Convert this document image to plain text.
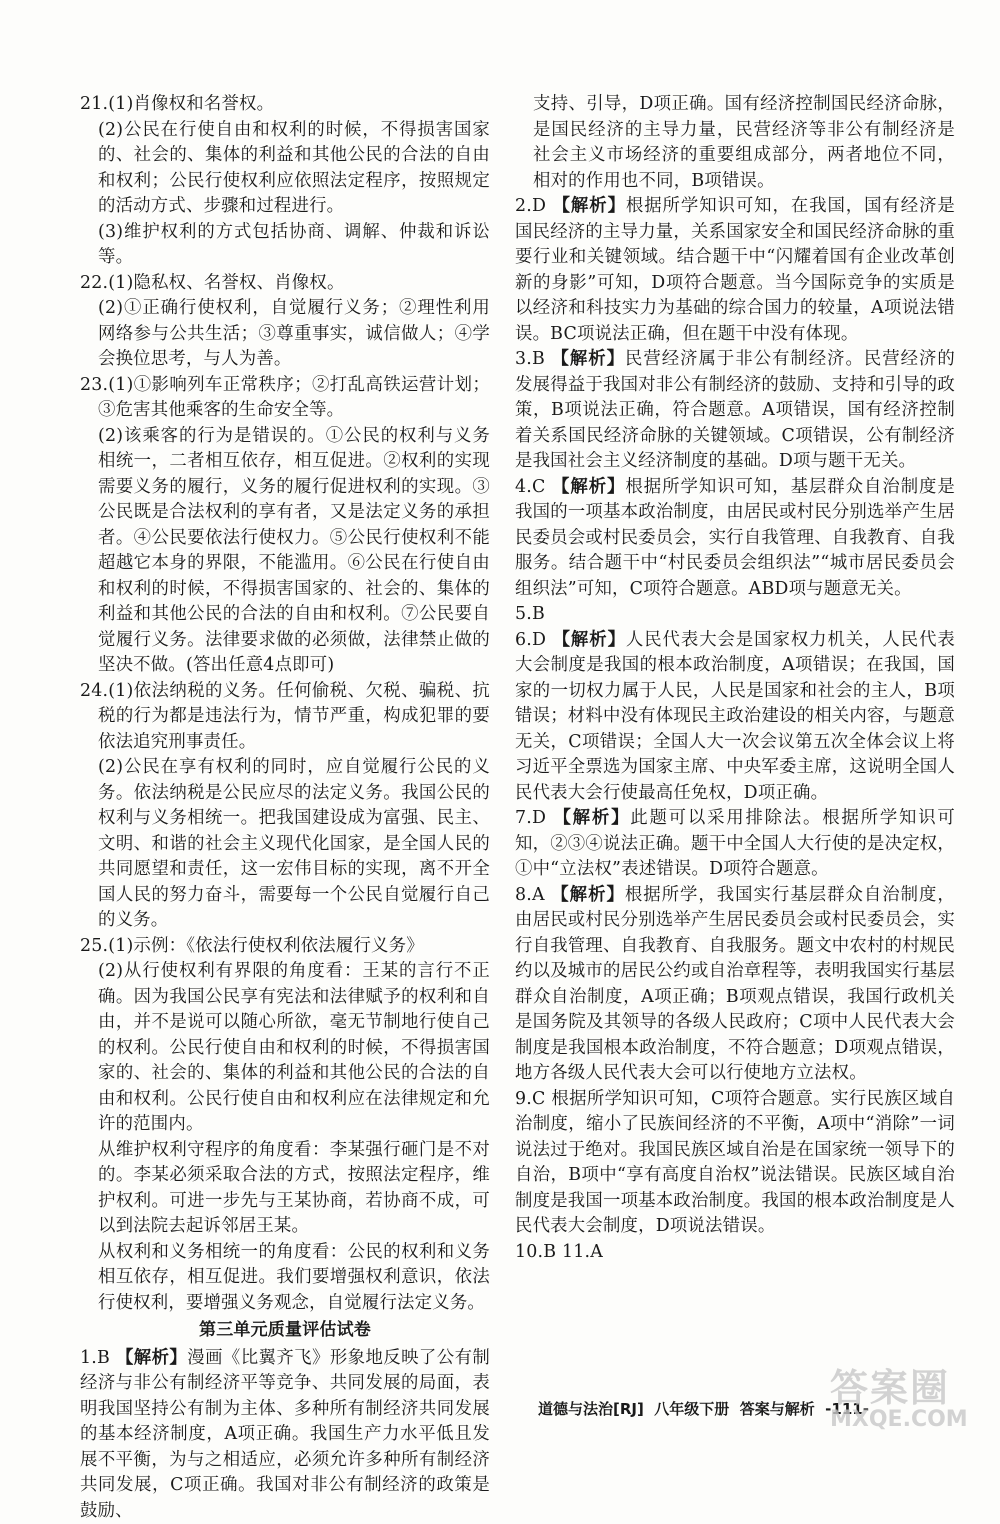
21.(1)肖像权和名誉权。

(2)公民在行使自由和权利的时候，不得损害国家的、社会的、集体的利益和其他公民的合法的自由和权利；公民行使权利应依照法定程序，按照规定的活动方式、步骤和过程进行。

(3)维护权利的方式包括协商、调解、仲裁和诉讼等。

22.(1)隐私权、名誉权、肖像权。

(2)①正确行使权利，自觉履行义务；②理性利用网络参与公共生活；③尊重事实，诚信做人；④学会换位思考，与人为善。

23.(1)①影响列车正常秩序；②打乱高铁运营计划；③危害其他乘客的生命安全等。

(2)该乘客的行为是错误的。①公民的权利与义务相统一，二者相互依存，相互促进。②权利的实现需要义务的履行，义务的履行促进权利的实现。③公民既是合法权利的享有者，又是法定义务的承担者。④公民要依法行使权力。⑤公民行使权利不能超越它本身的界限，不能滥用。⑥公民在行使自由和权利的时候，不得损害国家的、社会的、集体的利益和其他公民的合法的自由和权利。⑦公民要自觉履行义务。法律要求做的必须做，法律禁止做的坚决不做。(答出任意4点即可)

24.(1)依法纳税的义务。任何偷税、欠税、骗税、抗税的行为都是违法行为，情节严重，构成犯罪的要依法追究刑事责任。

(2)公民在享有权利的同时，应自觉履行公民的义务。依法纳税是公民应尽的法定义务。我国公民的权利与义务相统一。把我国建设成为富强、民主、文明、和谐的社会主义现代化国家，是全国人民的共同愿望和责任，这一宏伟目标的实现，离不开全国人民的努力奋斗，需要每一个公民自觉履行自己的义务。

25.(1)示例：《依法行使权利依法履行义务》

(2)从行使权利有界限的角度看：王某的言行不正确。因为我国公民享有宪法和法律赋予的权利和自由，并不是说可以随心所欲，毫无节制地行使自己的权利。公民行使自由和权利的时候，不得损害国家的、社会的、集体的利益和其他公民的合法的自由和权利。公民行使自由和权利应在法律规定和允许的范围内。

从维护权利守程序的角度看：李某强行砸门是不对的。李某必须采取合法的方式，按照法定程序，维护权利。可进一步先与王某协商，若协商不成，可以到法院去起诉邻居王某。

从权利和义务相统一的角度看：公民的权利和义务相互依存，相互促进。我们要增强权利意识，依法行使权利，要增强义务观念，自觉履行法定义务。

第三单元质量评估试卷

1.B 【解析】漫画《比翼齐飞》形象地反映了公有制经济与非公有制经济平等竞争、共同发展的局面，表明我国坚持公有制为主体、多种所有制经济共同发展的基本经济制度，A项正确。我国生产力水平低且发展不平衡，为与之相适应，必须允许多种所有制经济共同发展，C项正确。我国对非公有制经济的政策是鼓励、

支持、引导，D项正确。国有经济控制国民经济命脉，是国民经济的主导力量，民营经济等非公有制经济是社会主义市场经济的重要组成部分，两者地位不同，相对的作用也不同，B项错误。

2.D 【解析】根据所学知识可知，在我国，国有经济是国民经济的主导力量，关系国家安全和国民经济命脉的重要行业和关键领域。结合题干中“闪耀着国有企业改革创新的身影”可知，D项符合题意。当今国际竞争的实质是以经济和科技实力为基础的综合国力的较量，A项说法错误。BC项说法正确，但在题干中没有体现。

3.B 【解析】民营经济属于非公有制经济。民营经济的发展得益于我国对非公有制经济的鼓励、支持和引导的政策，B项说法正确，符合题意。A项错误，国有经济控制着关系国民经济命脉的关键领域。C项错误，公有制经济是我国社会主义经济制度的基础。D项与题干无关。

4.C 【解析】根据所学知识可知，基层群众自治制度是我国的一项基本政治制度，由居民或村民分别选举产生居民委员会或村民委员会，实行自我管理、自我教育、自我服务。结合题干中“村民委员会组织法”“城市居民委员会组织法”可知，C项符合题意。ABD项与题意无关。

5.B

6.D 【解析】人民代表大会是国家权力机关，人民代表大会制度是我国的根本政治制度，A项错误；在我国，国家的一切权力属于人民，人民是国家和社会的主人，B项错误；材料中没有体现民主政治建设的相关内容，与题意无关，C项错误；全国人大一次会议第五次全体会议上将习近平全票选为国家主席、中央军委主席，这说明全国人民代表大会行使最高任免权，D项正确。

7.D 【解析】此题可以采用排除法。根据所学知识可知，②③④说法正确。题干中全国人大行使的是决定权，①中“立法权”表述错误。D项符合题意。

8.A 【解析】根据所学，我国实行基层群众自治制度，由居民或村民分别选举产生居民委员会或村民委员会，实行自我管理、自我教育、自我服务。题文中农村的村规民约以及城市的居民公约或自治章程等，表明我国实行基层群众自治制度，A项正确；B项观点错误，我国行政机关是国务院及其领导的各级人民政府；C项中人民代表大会制度是我国根本政治制度，不符合题意；D项观点错误，地方各级人民代表大会可以行使地方立法权。

9.C 根据所学知识可知，C项符合题意。实行民族区域自治制度，缩小了民族间经济的不平衡，A项中“消除”一词说法过于绝对。我国民族区域自治是在国家统一领导下的自治，B项中“享有高度自治权”说法错误。民族区域自治制度是我国一项基本政治制度。我国的根本政治制度是人民代表大会制度，D项说法错误。

10.B 11.A

道德与法治[RJ]  八年级下册  答案与解析  -111-
答案圈
MXQE.COM
